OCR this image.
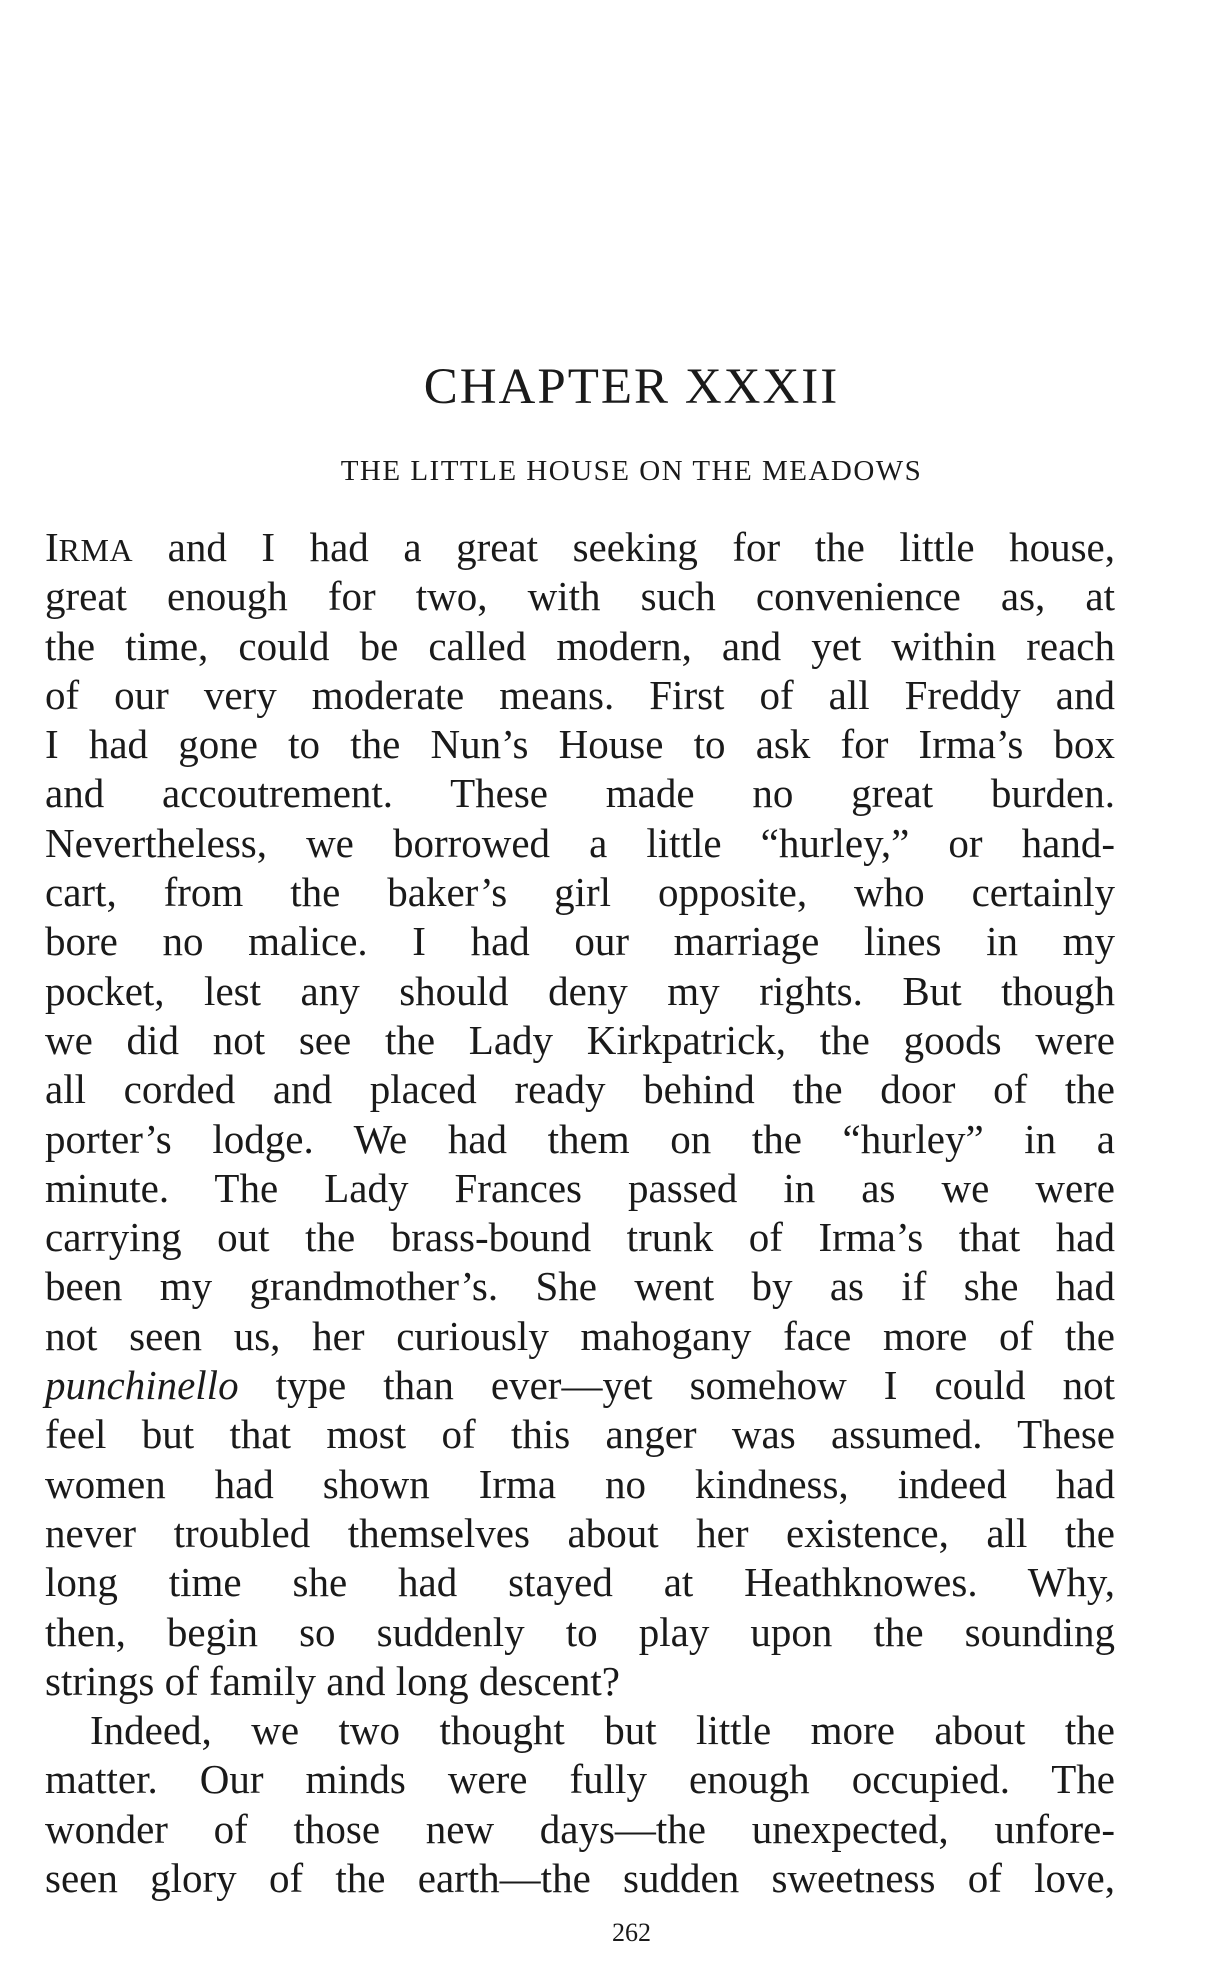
CHAPTER XXXII
THE LITTLE HOUSE ON THE MEADOWS
IRMA and I had a great seeking for the little house,
great enough for two, with such convenience as, at
the time, could be called modern, and yet within reach
of our very moderate means. First of all Freddy and
I had gone to the Nun’s House to ask for Irma’s box
and accoutrement. These made no great burden.
Nevertheless, we borrowed a little “hurley,” or hand-
cart, from the baker’s girl opposite, who certainly
bore no malice. I had our marriage lines in my
pocket, lest any should deny my rights. But though
we did not see the Lady Kirkpatrick, the goods were
all corded and placed ready behind the door of the
porter’s lodge. We had them on the “hurley” in a
minute. The Lady Frances passed in as we were
carrying out the brass-bound trunk of Irma’s that had
been my grandmother’s. She went by as if she had
not seen us, her curiously mahogany face more of the
punchinello type than ever—yet somehow I could not
feel but that most of this anger was assumed. These
women had shown Irma no kindness, indeed had
never troubled themselves about her existence, all the
long time she had stayed at Heathknowes. Why,
then, begin so suddenly to play upon the sounding
strings of family and long descent?
Indeed, we two thought but little more about the
matter. Our minds were fully enough occupied. The
wonder of those new days—the unexpected, unfore-
seen glory of the earth—the sudden sweetness of love,
262
